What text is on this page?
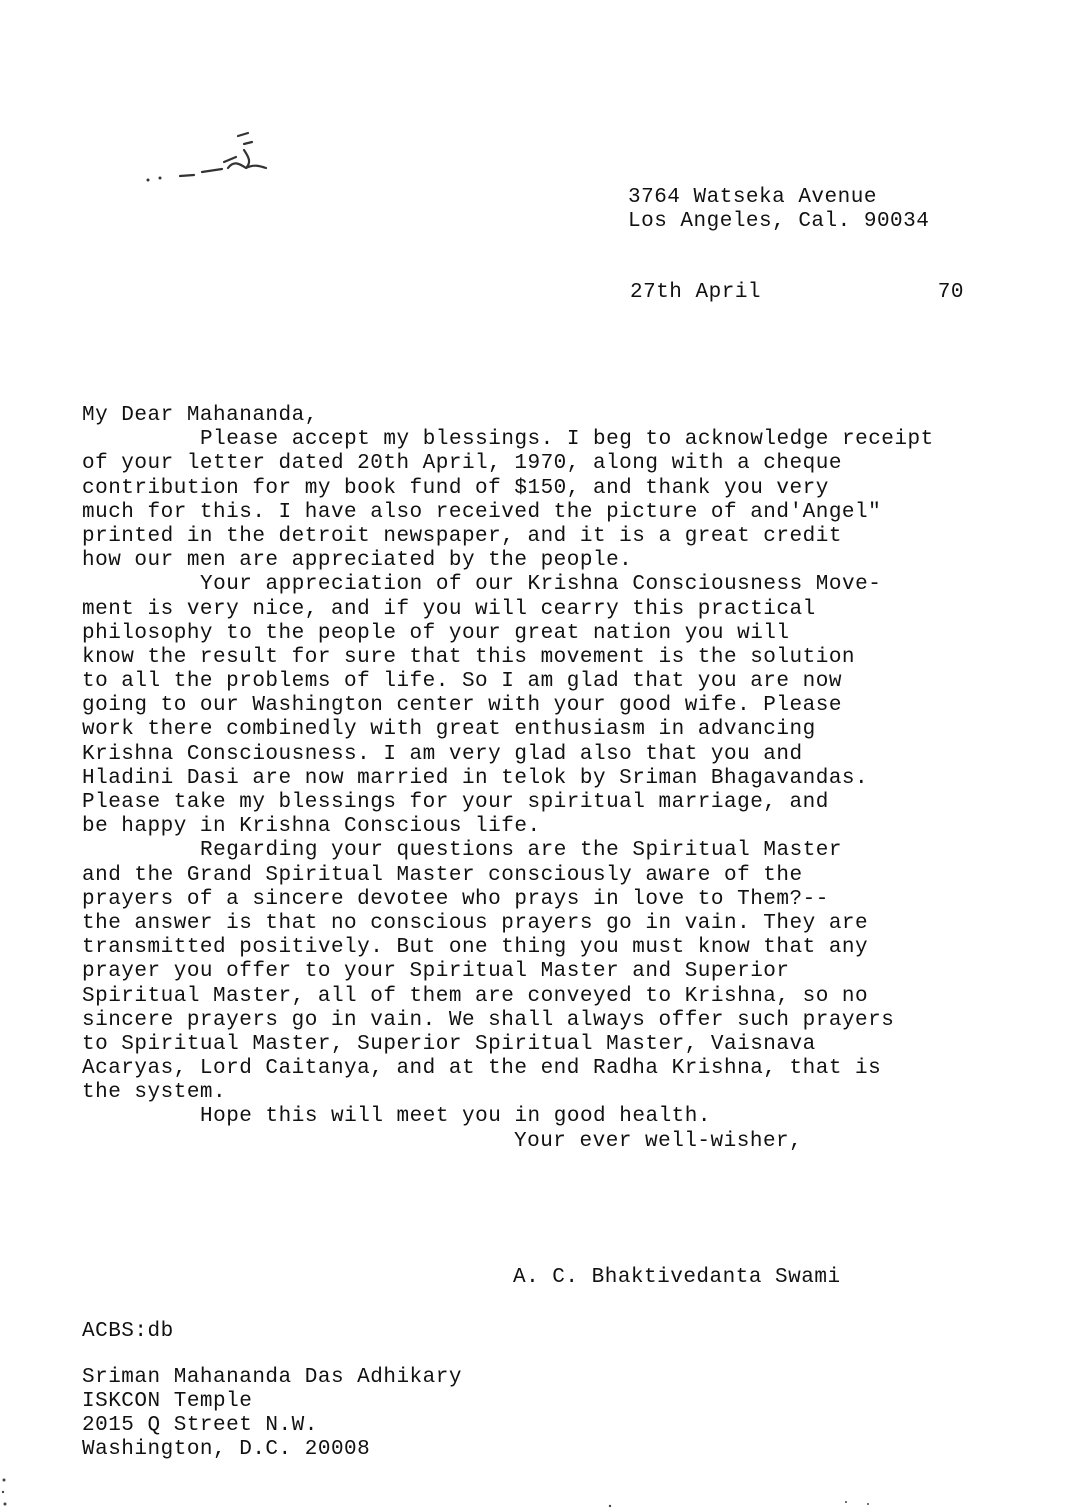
3764 Watseka Avenue
Los Angeles, Cal. 90034
27th April	70
My Dear Mahananda,
Please accept my blessings. I beg to acknowledge receipt
of your letter dated 20th April, 1970, along with a cheque
contribution for my book fund of $150, and thank you very
much for this. I have also received the picture of and'Angel"
printed in the detroit newspaper, and it is a great credit
how our men are appreciated by the people.
Your appreciation of our Krishna Consciousness Move-
ment is very nice, and if you will cearry this practical
philosophy to the people of your great nation you will
know the result for sure that this movement is the solution
to all the problems of life. So I am glad that you are now
going to our Washington center with your good wife. Please
work there combinedly with great enthusiasm in advancing
Krishna Consciousness. I am very glad also that you and
Hladini Dasi are now married in telok by Sriman Bhagavandas.
Please take my blessings for your spiritual marriage, and
be happy in Krishna Conscious life.
Regarding your questions are the Spiritual Master
and the Grand Spiritual Master consciously aware of the
prayers of a sincere devotee who prays in love to Them?--
the answer is that no conscious prayers go in vain. They are
transmitted positively. But one thing you must know that any
prayer you offer to your Spiritual Master and Superior
Spiritual Master, all of them are conveyed to Krishna, so no
sincere prayers go in vain. We shall always offer such prayers
to Spiritual Master, Superior Spiritual Master, Vaisnava
Acaryas, Lord Caitanya, and at the end Radha Krishna, that is
the system.
Hope this will meet you in good health.
Your ever well-wisher,
A. C. Bhaktivedanta Swami
ACBS:db
Sriman Mahananda Das Adhikary
ISKCON Temple
2015 Q Street N.W.
Washington, D.C. 20008
